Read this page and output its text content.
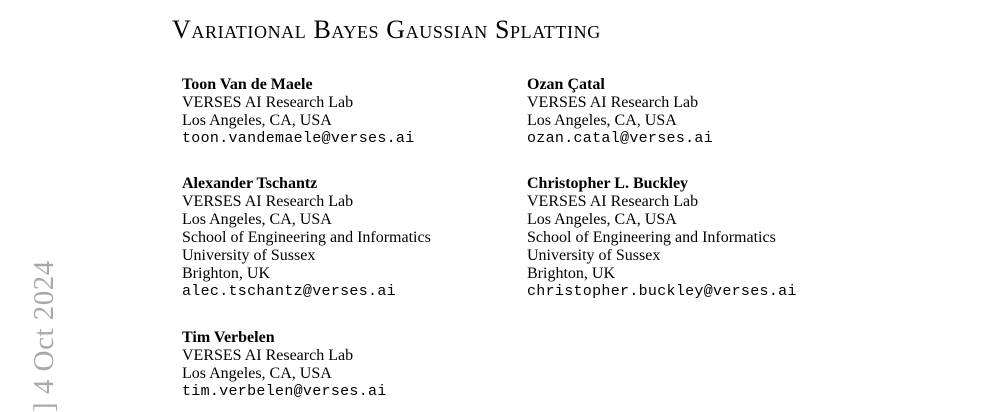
Variational Bayes Gaussian Splatting
Toon Van de Maele
VERSES AI Research Lab
Los Angeles, CA, USA
toon.vandemaele@verses.ai
Ozan Çatal
VERSES AI Research Lab
Los Angeles, CA, USA
ozan.catal@verses.ai
Alexander Tschantz
VERSES AI Research Lab
Los Angeles, CA, USA
School of Engineering and Informatics
University of Sussex
Brighton, UK
alec.tschantz@verses.ai
Christopher L. Buckley
VERSES AI Research Lab
Los Angeles, CA, USA
School of Engineering and Informatics
University of Sussex
Brighton, UK
christopher.buckley@verses.ai
Tim Verbelen
VERSES AI Research Lab
Los Angeles, CA, USA
tim.verbelen@verses.ai
] 4 Oct 2024
